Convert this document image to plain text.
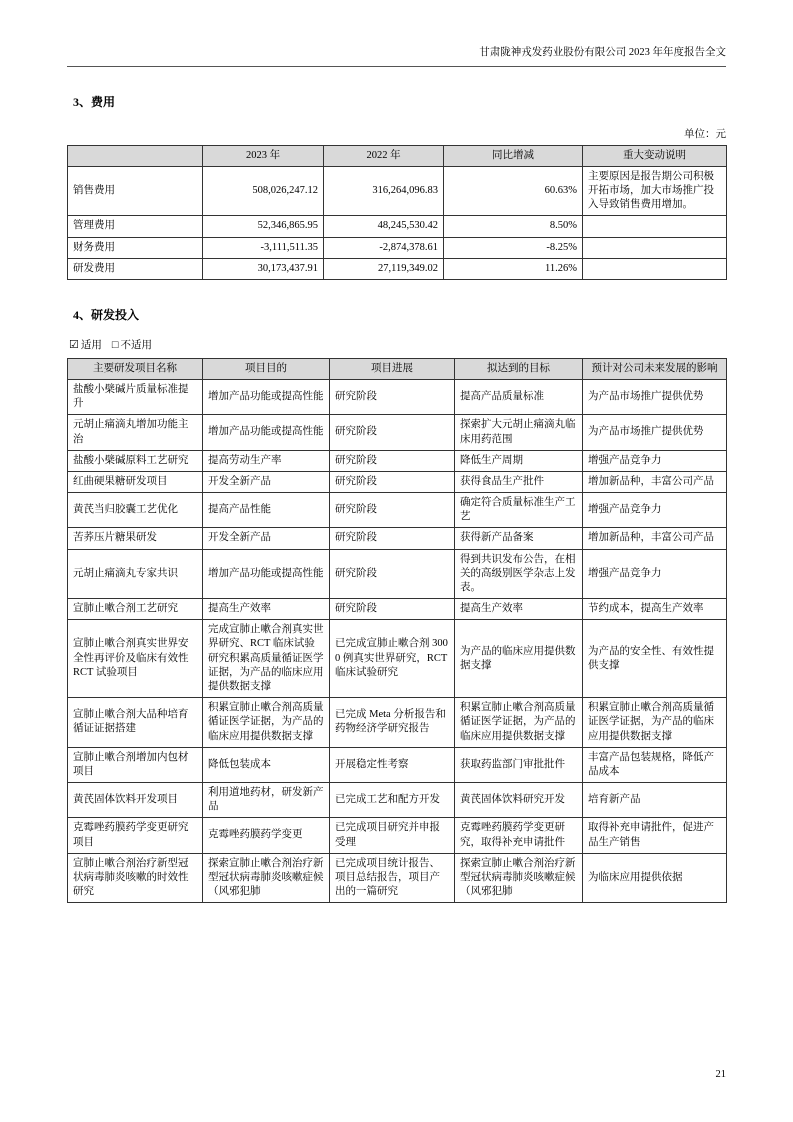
甘肃陇神戎发药业股份有限公司 2023 年年度报告全文
3、费用
单位：元
	2023 年	2022 年	同比增减	重大变动说明
销售费用	508,026,247.12	316,264,096.83	60.63%	主要原因是报告期公司积极开拓市场，加大市场推广投入导致销售费用增加。
管理费用	52,346,865.95	48,245,530.42	8.50%	
财务费用	-3,111,511.35	-2,874,378.61	-8.25%	
研发费用	30,173,437.91	27,119,349.02	11.26%	
4、研发投入
☑ 适用 □ 不适用
主要研发项目名称	项目目的	项目进展	拟达到的目标	预计对公司未来发展的影响
盐酸小檗碱片质量标准提升	增加产品功能或提高性能	研究阶段	提高产品质量标准	为产品市场推广提供优势
元胡止痛滴丸增加功能主治	增加产品功能或提高性能	研究阶段	探索扩大元胡止痛滴丸临床用药范围	为产品市场推广提供优势
盐酸小檗碱原料工艺研究	提高劳动生产率	研究阶段	降低生产周期	增强产品竞争力
红曲硬果糖研发项目	开发全新产品	研究阶段	获得食品生产批件	增加新品种，丰富公司产品
黄芪当归胶囊工艺优化	提高产品性能	研究阶段	确定符合质量标准生产工艺	增强产品竞争力
苦荞压片糖果研发	开发全新产品	研究阶段	获得新产品备案	增加新品种，丰富公司产品
元胡止痛滴丸专家共识	增加产品功能或提高性能	研究阶段	得到共识发布公告，在相关的高级别医学杂志上发表。	增强产品竞争力
宣肺止嗽合剂工艺研究	提高生产效率	研究阶段	提高生产效率	节约成本，提高生产效率
宣肺止嗽合剂真实世界安全性再评价及临床有效性 RCT 试验项目	完成宣肺止嗽合剂真实世界研究、RCT 临床试验研究积累高质量循证医学证据，为产品的临床应用提供数据支撑	已完成宣肺止嗽合剂 3000 例真实世界研究，RCT 临床试验研究	为产品的临床应用提供数据支撑	为产品的安全性、有效性提供支撑
宣肺止嗽合剂大品种培育循证证据搭建	积累宣肺止嗽合剂高质量循证医学证据，为产品的临床应用提供数据支撑	已完成 Meta 分析报告和药物经济学研究报告	积累宣肺止嗽合剂高质量循证医学证据，为产品的临床应用提供数据支撑	积累宣肺止嗽合剂高质量循证医学证据，为产品的临床应用提供数据支撑
宣肺止嗽合剂增加内包材项目	降低包装成本	开展稳定性考察	获取药监部门审批批件	丰富产品包装规格，降低产品成本
黄芪固体饮料开发项目	利用道地药材，研发新产品	已完成工艺和配方开发	黄芪固体饮料研究开发	培育新产品
克霉唑药膜药学变更研究项目	克霉唑药膜药学变更	已完成项目研究并申报受理	克霉唑药膜药学变更研究，取得补充申请批件	取得补充申请批件，促进产品生产销售
宣肺止嗽合剂治疗新型冠状病毒肺炎咳嗽的时效性研究	探索宣肺止嗽合剂治疗新型冠状病毒肺炎咳嗽症候（风邪犯肺	已完成项目统计报告、项目总结报告，项目产出的一篇研究	探索宣肺止嗽合剂治疗新型冠状病毒肺炎咳嗽症候（风邪犯肺	为临床应用提供依据
21
